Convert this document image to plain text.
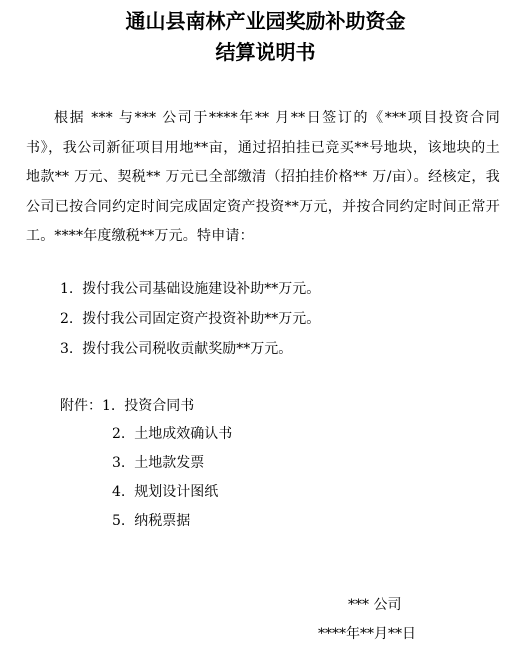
通山县南林产业园奖励补助资金
结算说明书
根据 *** 与*** 公司于****年** 月**日签订的《***项目投资合同书》，我公司新征项目用地**亩，通过招拍挂已竞买**号地块，该地块的土地款** 万元、契税** 万元已全部缴清（招拍挂价格** 万/亩）。经核定，我公司已按合同约定时间完成固定资产投资**万元，并按合同约定时间正常开工。****年度缴税**万元。特申请：
1. 拨付我公司基础设施建设补助**万元。
2. 拨付我公司固定资产投资补助**万元。
3. 拨付我公司税收贡献奖励**万元。
附件：1. 投资合同书
2. 土地成效确认书
3. 土地款发票
4. 规划设计图纸
5. 纳税票据
*** 公司
****年**月**日
